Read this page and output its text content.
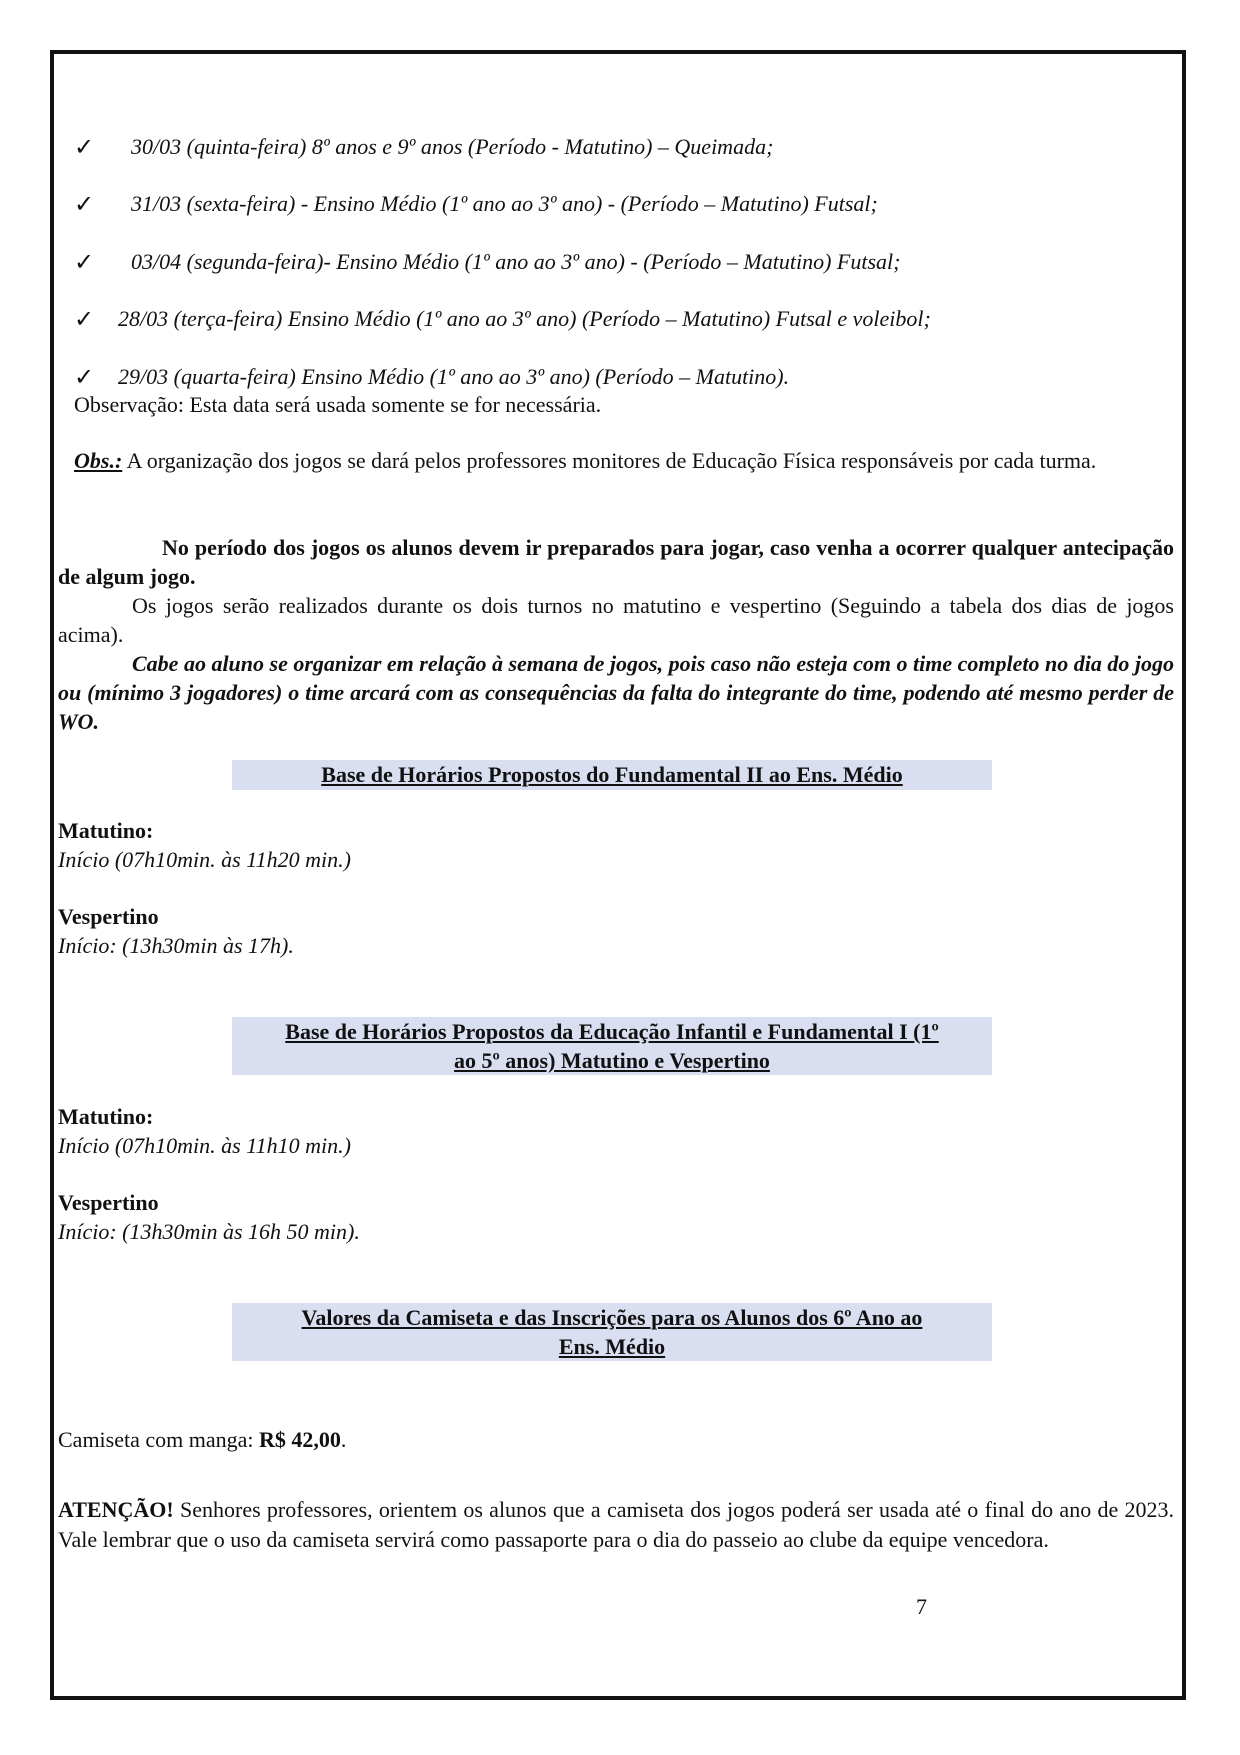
✓ 30/03 (quinta-feira) 8º anos e 9º anos (Período - Matutino) – Queimada;
✓ 31/03 (sexta-feira) - Ensino Médio (1º ano ao 3º ano) - (Período – Matutino) Futsal;
✓ 03/04 (segunda-feira)- Ensino Médio (1º ano ao 3º ano) - (Período – Matutino) Futsal;
✓ 28/03 (terça-feira) Ensino Médio (1º ano ao 3º ano) (Período – Matutino) Futsal e voleibol;
✓ 29/03 (quarta-feira) Ensino Médio (1º ano ao 3º ano) (Período – Matutino).
Observação: Esta data será usada somente se for necessária.
Obs.: A organização dos jogos se dará pelos professores monitores de Educação Física responsáveis por cada turma.
No período dos jogos os alunos devem ir preparados para jogar, caso venha a ocorrer qualquer antecipação de algum jogo.
Os jogos serão realizados durante os dois turnos no matutino e vespertino (Seguindo a tabela dos dias de jogos acima).
Cabe ao aluno se organizar em relação à semana de jogos, pois caso não esteja com o time completo no dia do jogo ou (mínimo 3 jogadores) o time arcará com as consequências da falta do integrante do time, podendo até mesmo perder de WO.
Base de Horários Propostos do Fundamental II ao Ens. Médio
Matutino:
Início (07h10min. às 11h20 min.)
Vespertino
Início: (13h30min às 17h).
Base de Horários Propostos da Educação Infantil e Fundamental I (1º
ao 5º anos) Matutino e Vespertino
Matutino:
Início (07h10min. às 11h10 min.)
Vespertino
Início: (13h30min às 16h 50 min).
Valores da Camiseta e das Inscrições para os Alunos dos 6º Ano ao
Ens. Médio
Camiseta com manga: R$ 42,00.
ATENÇÃO! Senhores professores, orientem os alunos que a camiseta dos jogos poderá ser usada até o final do ano de 2023. Vale lembrar que o uso da camiseta servirá como passaporte para o dia do passeio ao clube da equipe vencedora.
7
